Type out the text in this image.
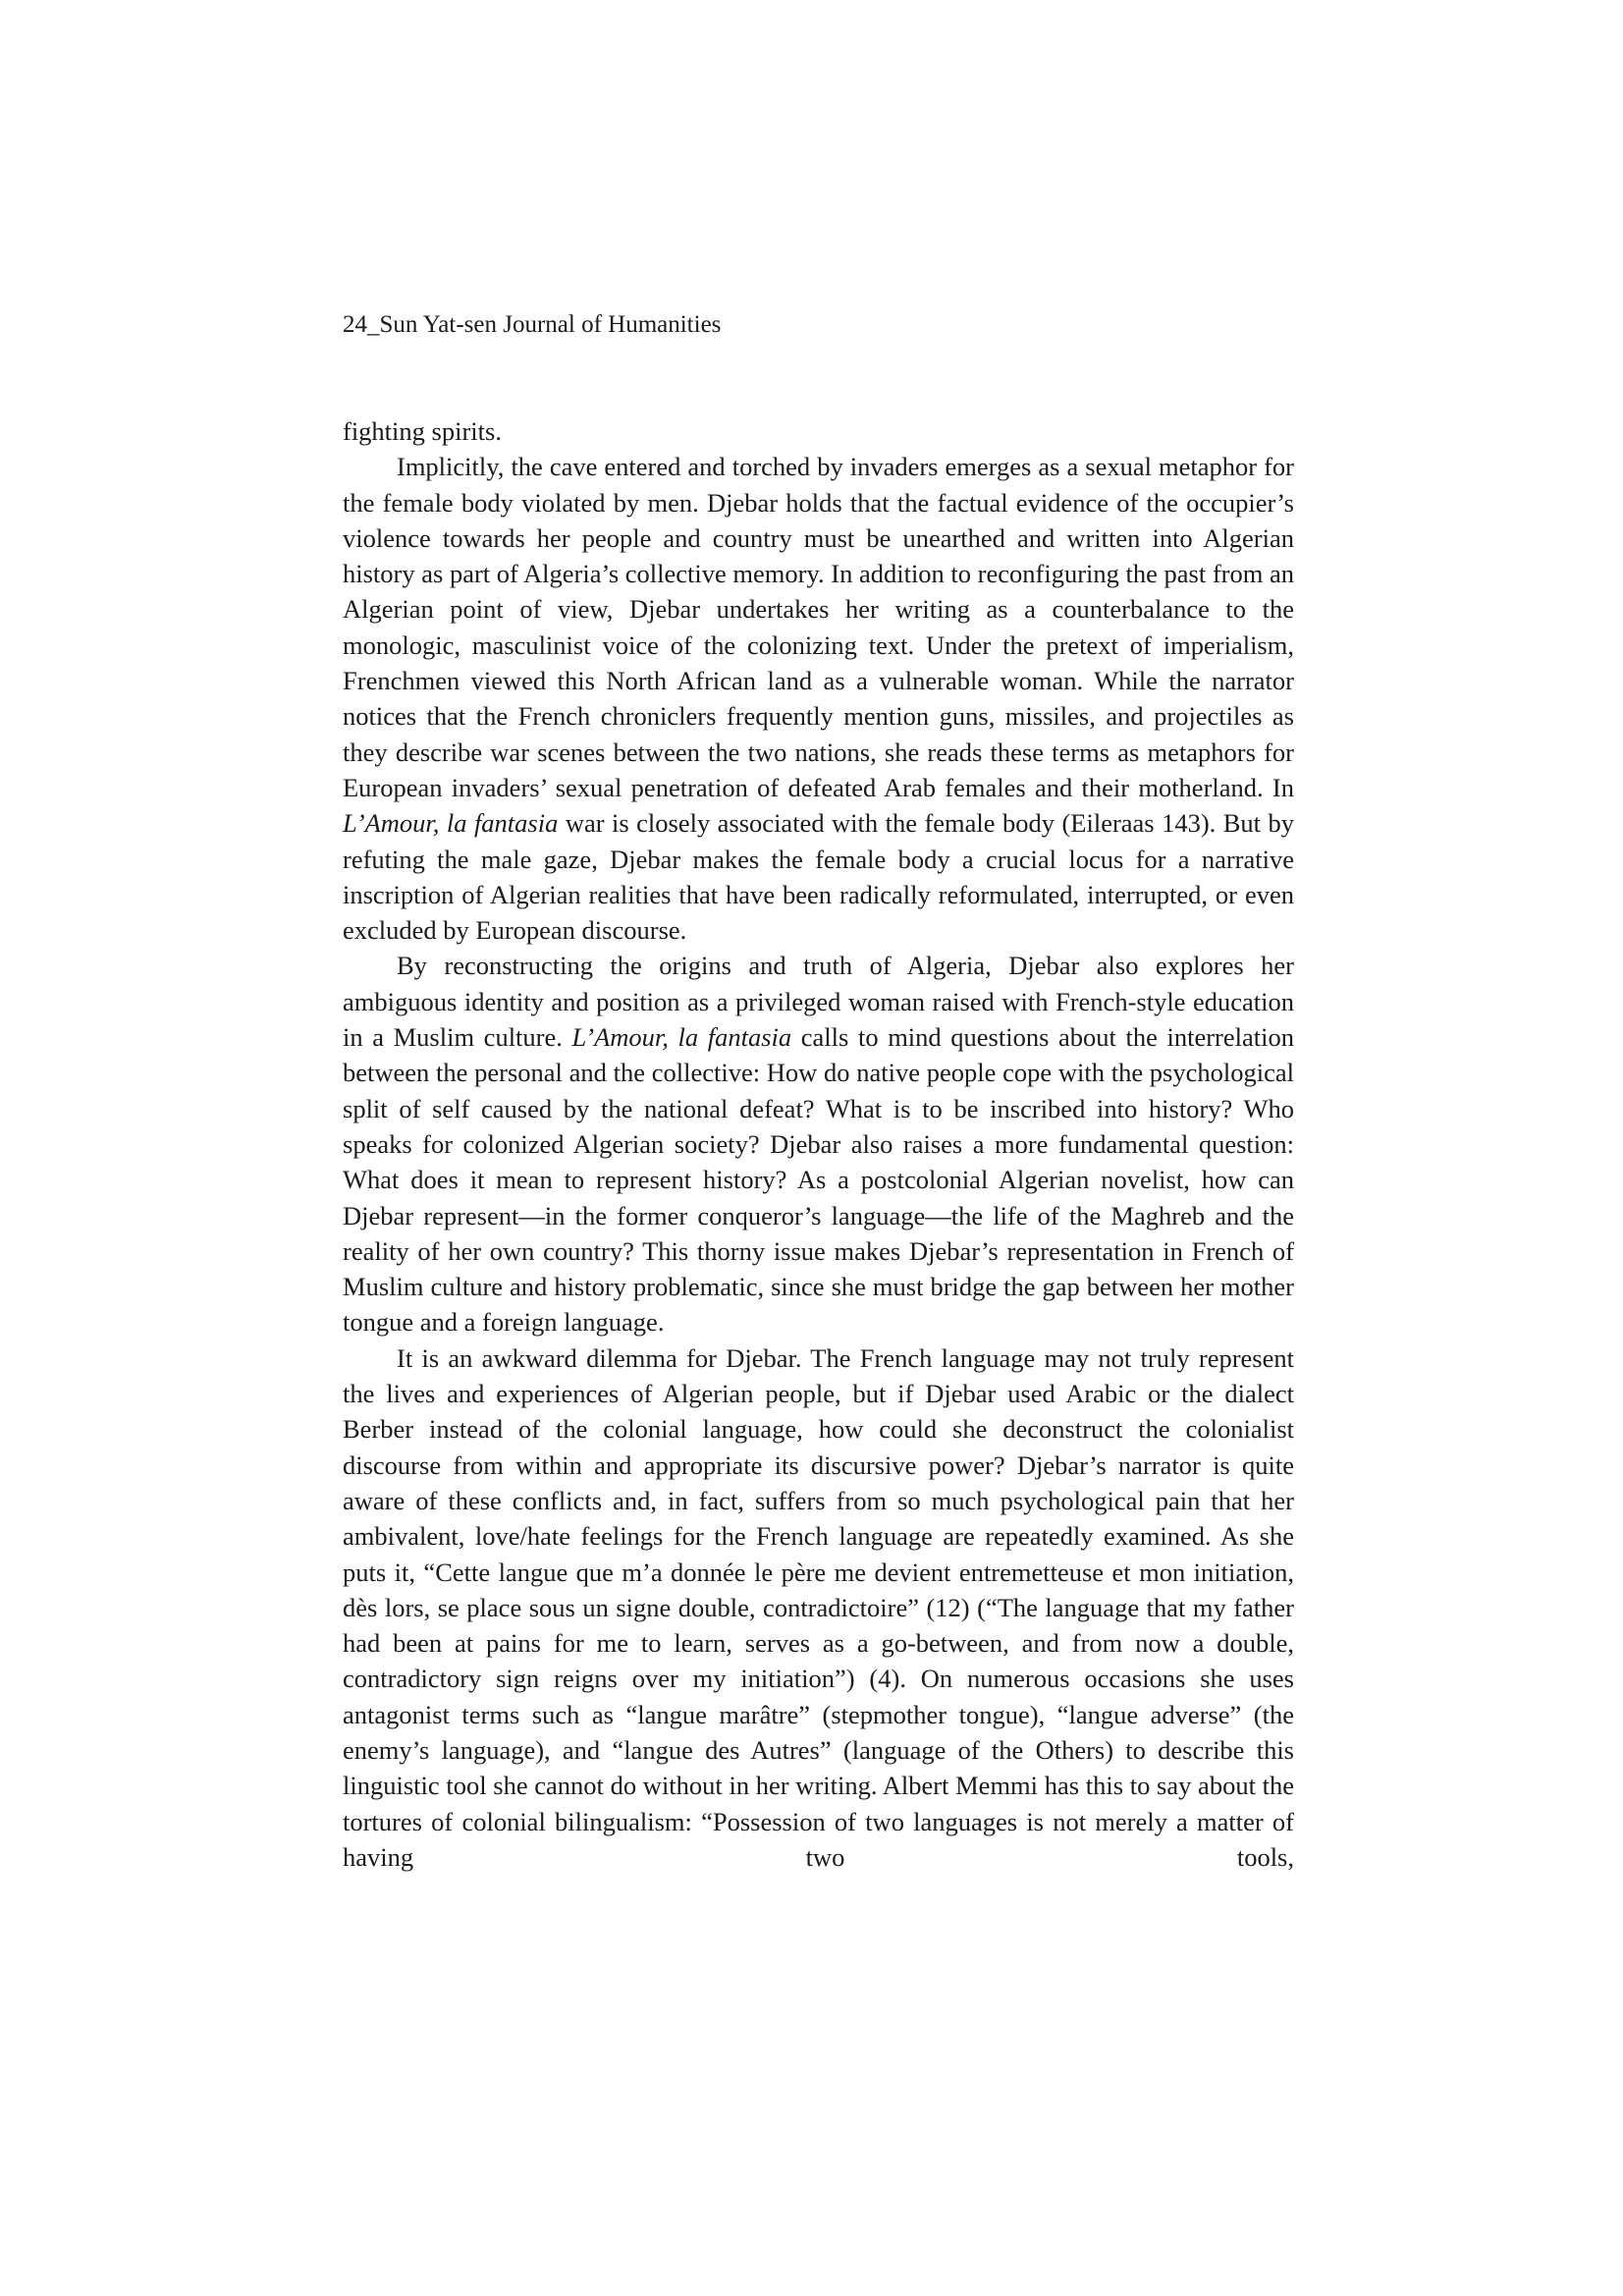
24_Sun Yat-sen Journal of Humanities

fighting spirits.

Implicitly, the cave entered and torched by invaders emerges as a sexual metaphor for the female body violated by men. Djebar holds that the factual evidence of the occupier’s violence towards her people and country must be unearthed and written into Algerian history as part of Algeria’s collective memory. In addition to reconfiguring the past from an Algerian point of view, Djebar undertakes her writing as a counterbalance to the monologic, masculinist voice of the colonizing text. Under the pretext of imperialism, Frenchmen viewed this North African land as a vulnerable woman. While the narrator notices that the French chroniclers frequently mention guns, missiles, and projectiles as they describe war scenes between the two nations, she reads these terms as metaphors for European invaders’ sexual penetration of defeated Arab females and their motherland. In L’Amour, la fantasia war is closely associated with the female body (Eileraas 143). But by refuting the male gaze, Djebar makes the female body a crucial locus for a narrative inscription of Algerian realities that have been radically reformulated, interrupted, or even excluded by European discourse.

By reconstructing the origins and truth of Algeria, Djebar also explores her ambiguous identity and position as a privileged woman raised with French-style education in a Muslim culture. L’Amour, la fantasia calls to mind questions about the interrelation between the personal and the collective: How do native people cope with the psychological split of self caused by the national defeat? What is to be inscribed into history? Who speaks for colonized Algerian society? Djebar also raises a more fundamental question: What does it mean to represent history? As a postcolonial Algerian novelist, how can Djebar represent—in the former conqueror’s language—the life of the Maghreb and the reality of her own country? This thorny issue makes Djebar’s representation in French of Muslim culture and history problematic, since she must bridge the gap between her mother tongue and a foreign language.

It is an awkward dilemma for Djebar. The French language may not truly represent the lives and experiences of Algerian people, but if Djebar used Arabic or the dialect Berber instead of the colonial language, how could she deconstruct the colonialist discourse from within and appropriate its discursive power? Djebar’s narrator is quite aware of these conflicts and, in fact, suffers from so much psychological pain that her ambivalent, love/hate feelings for the French language are repeatedly examined. As she puts it, “Cette langue que m’a donnée le père me devient entremetteuse et mon initiation, dès lors, se place sous un signe double, contradictoire” (12) (“The language that my father had been at pains for me to learn, serves as a go-between, and from now a double, contradictory sign reigns over my initiation”) (4). On numerous occasions she uses antagonist terms such as “langue marâtre” (stepmother tongue), “langue adverse” (the enemy’s language), and “langue des Autres” (language of the Others) to describe this linguistic tool she cannot do without in her writing. Albert Memmi has this to say about the tortures of colonial bilingualism: “Possession of two languages is not merely a matter of having two tools,
